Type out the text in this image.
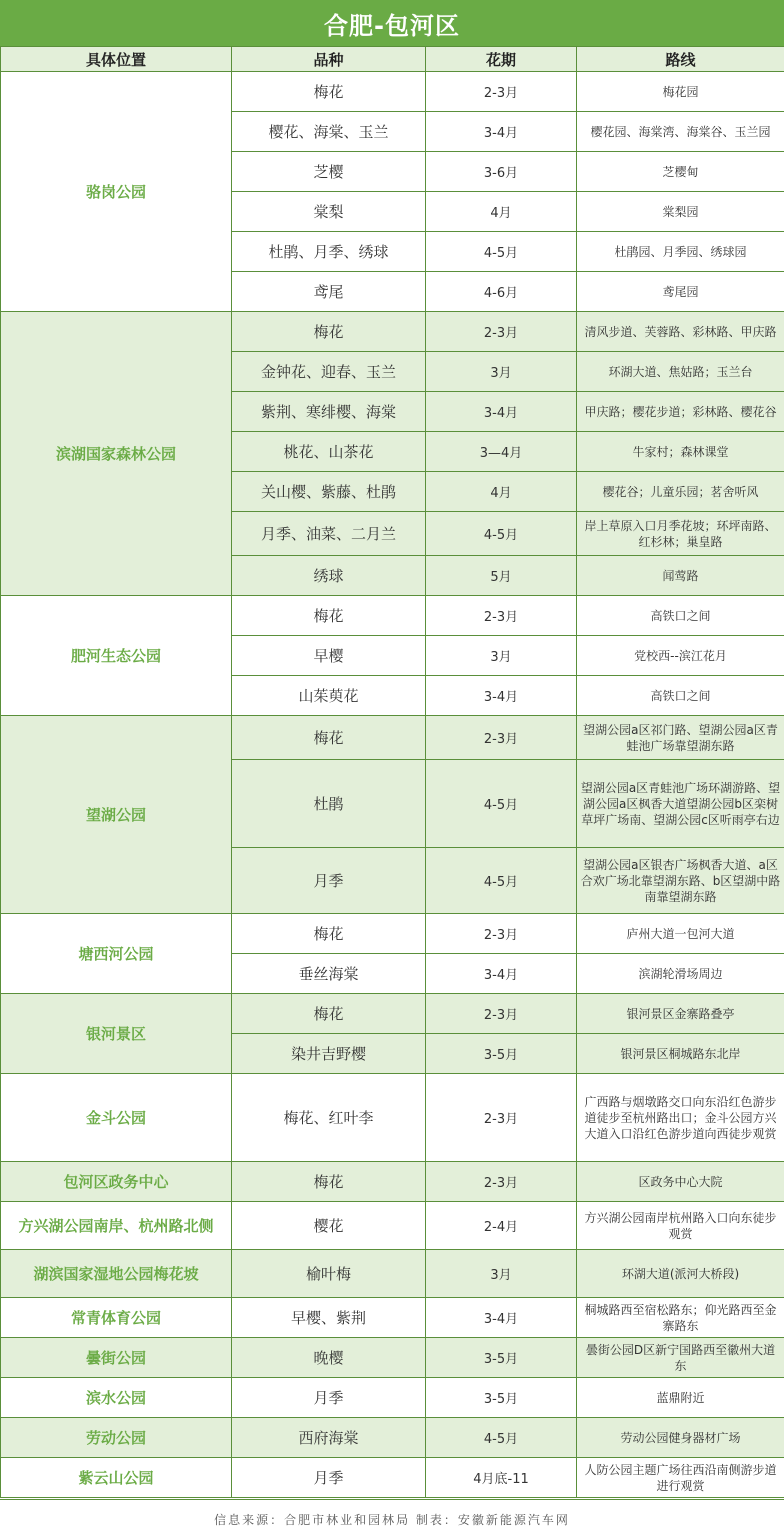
合肥-包河区
具体位置	品种	花期	路线
骆岗公园	梅花	2-3月	梅花园
	樱花、海棠、玉兰	3-4月	樱花园、海棠湾、海棠谷、玉兰园
	芝樱	3-6月	芝樱甸
	棠梨	4月	棠梨园
	杜鹃、月季、绣球	4-5月	杜鹃园、月季园、绣球园
	鸢尾	4-6月	鸢尾园
滨湖国家森林公园	梅花	2-3月	清风步道、芙蓉路、彩林路、甲庆路
	金钟花、迎春、玉兰	3月	环湖大道、焦姑路；玉兰台
	紫荆、寒绯樱、海棠	3-4月	甲庆路；樱花步道；彩林路、樱花谷
	桃花、山茶花	3—4月	牛家村；森林课堂
	关山樱、紫藤、杜鹃	4月	樱花谷；儿童乐园；茗舍听风
	月季、油菜、二月兰	4-5月	岸上草原入口月季花坡；环坪南路、红杉林；巢皇路
	绣球	5月	闻莺路
肥河生态公园	梅花	2-3月	高铁口之间
	早樱	3月	党校西--滨江花月
	山茱萸花	3-4月	高铁口之间
望湖公园	梅花	2-3月	望湖公园a区祁门路、望湖公园a区青蛙池广场靠望湖东路
	杜鹃	4-5月	望湖公园a区青蛙池广场环湖游路、望湖公园a区枫香大道望湖公园b区栾树草坪广场南、望湖公园c区听雨亭右边
	月季	4-5月	望湖公园a区银杏广场枫香大道、a区合欢广场北靠望湖东路、b区望湖中路南靠望湖东路
塘西河公园	梅花	2-3月	庐州大道一包河大道
	垂丝海棠	3-4月	滨湖轮滑场周边
银河景区	梅花	2-3月	银河景区金寨路叠亭
	染井吉野樱	3-5月	银河景区桐城路东北岸
金斗公园	梅花、红叶李	2-3月	广西路与烟墩路交口向东沿红色游步道徒步至杭州路出口；金斗公园方兴大道入口沿红色游步道向西徒步观赏
包河区政务中心	梅花	2-3月	区政务中心大院
方兴湖公园南岸、杭州路北侧	樱花	2-4月	方兴湖公园南岸杭州路入口向东徒步观赏
湖滨国家湿地公园梅花坡	榆叶梅	3月	环湖大道(派河大桥段)
常青体育公园	早樱、紫荆	3-4月	桐城路西至宿松路东；仰光路西至金寨路东
曇街公园	晚樱	3-5月	曇街公园D区新宁国路西至徽州大道东
滨水公园	月季	3-5月	蓝鼎附近
劳动公园	西府海棠	4-5月	劳动公园健身器材广场
紫云山公园	月季	4月底-11	人防公园主题广场往西沿南侧游步道进行观赏
信息来源：合肥市林业和园林局 制表：安徽新能源汽车网
